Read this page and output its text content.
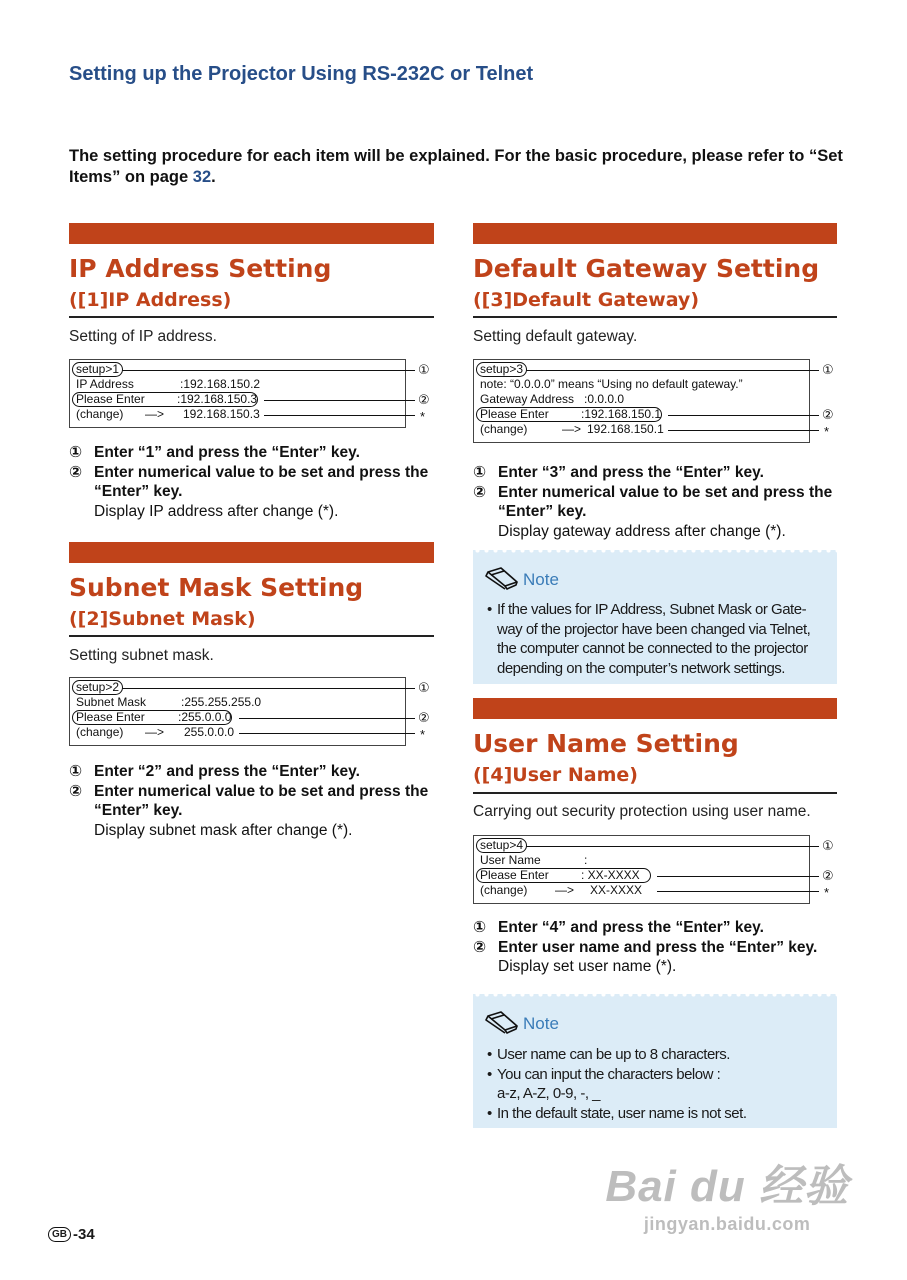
Setting up the Projector Using RS-232C or Telnet
The setting procedure for each item will be explained. For the basic procedure, please refer to “Set Items” on page 32.
IP Address Setting
([1]IP Address)
Setting of IP address.
setup>1
IP Address	:192.168.150.2
Please Enter	:192.168.150.3
(change)	—>	192.168.150.3
①
②
*
① Enter “1” and press the “Enter” key.
② Enter numerical value to be set and press the “Enter” key.
Display IP address after change (*).
Subnet Mask Setting
([2]Subnet Mask)
Setting subnet mask.
setup>2
Subnet Mask	:255.255.255.0
Please Enter	:255.0.0.0
(change)	—>	255.0.0.0
①
②
*
① Enter “2” and press the “Enter” key.
② Enter numerical value to be set and press the “Enter” key.
Display subnet mask after change (*).
Default Gateway Setting
([3]Default Gateway)
Setting default gateway.
setup>3
note: “0.0.0.0” means “Using no default gateway.”
Gateway Address :0.0.0.0
Please Enter	:192.168.150.1
(change)	—> 192.168.150.1
①
②
*
① Enter “3” and press the “Enter” key.
② Enter numerical value to be set and press the “Enter” key.
Display gateway address after change (*).
Note
• If the values for IP Address, Subnet Mask or Gate-
way of the projector have been changed via Telnet,
the computer cannot be connected to the projector
depending on the computer’s network settings.
User Name Setting
([4]User Name)
Carrying out security protection using user name.
setup>4
User Name	:
Please Enter	: XX-XXXX
(change)	—>	XX-XXXX
①
②
*
① Enter “4” and press the “Enter” key.
② Enter user name and press the “Enter” key.
Display set user name (*).
Note
• User name can be up to 8 characters.
• You can input the characters below :
a-z, A-Z, 0-9, -, _
• In the default state, user name is not set.
GB -34
Bai du 经验
jingyan.baidu.com
